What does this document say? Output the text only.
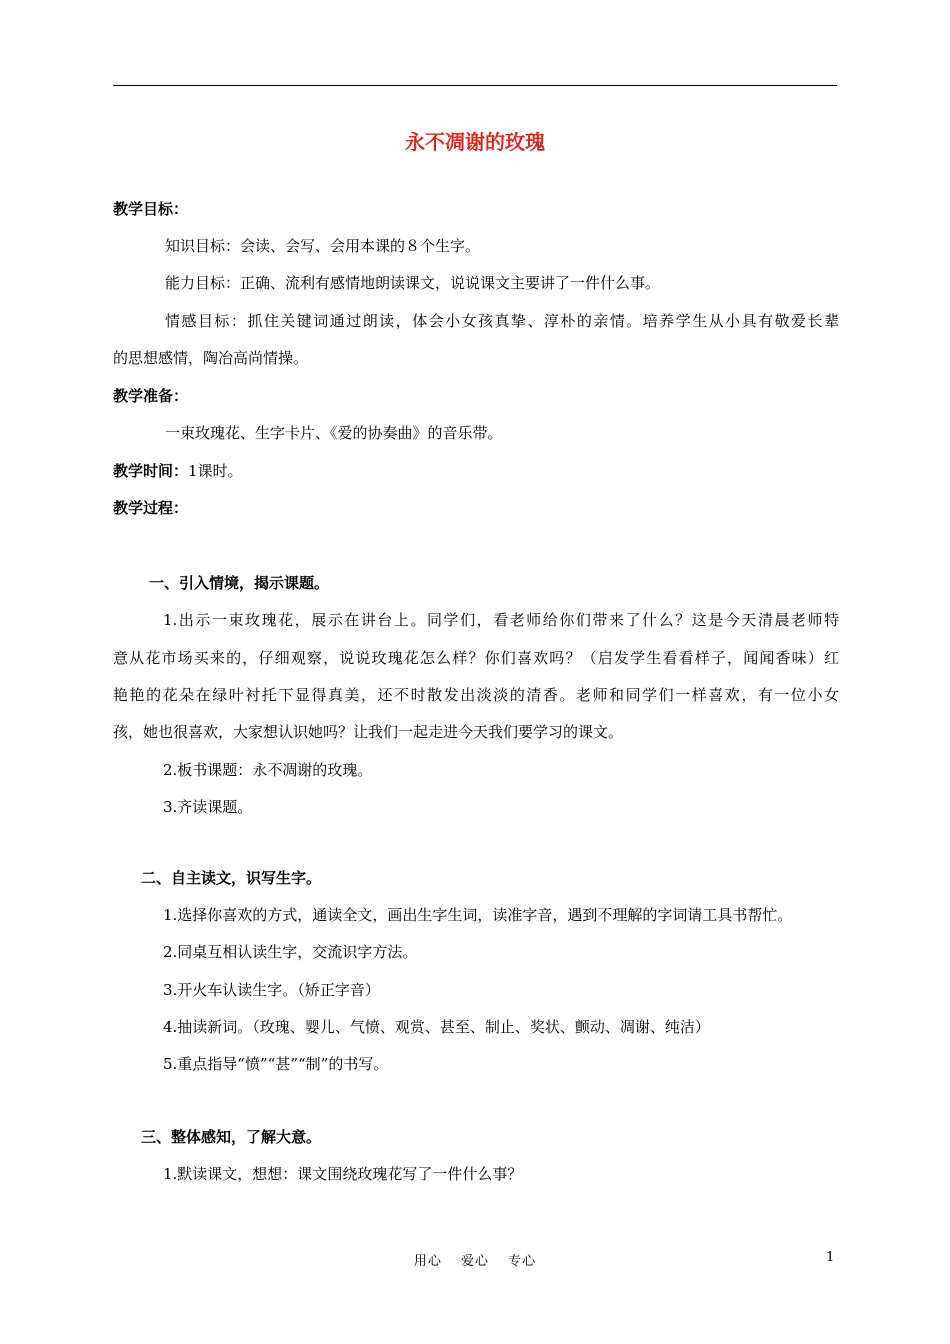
永不凋谢的玫瑰
教学目标：
知识目标：会读、会写、会用本课的８个生字。
能力目标：正确、流利有感情地朗读课文，说说课文主要讲了一件什么事。
情感目标：抓住关键词通过朗读，体会小女孩真挚、淳朴的亲情。培养学生从小具有敬爱长辈
的思想感情，陶冶高尚情操。
教学准备：
一束玫瑰花、生字卡片、《爱的协奏曲》的音乐带。
教学时间：1课时。
教学过程：
一、引入情境，揭示课题。
1.出示一束玫瑰花，展示在讲台上。同学们，看老师给你们带来了什么？这是今天清晨老师特
意从花市场买来的，仔细观察，说说玫瑰花怎么样？你们喜欢吗？（启发学生看看样子，闻闻香味）红
艳艳的花朵在绿叶衬托下显得真美，还不时散发出淡淡的清香。老师和同学们一样喜欢，有一位小女
孩，她也很喜欢，大家想认识她吗？让我们一起走进今天我们要学习的课文。
2.板书课题：永不凋谢的玫瑰。
3.齐读课题。
二、自主读文，识写生字。
1.选择你喜欢的方式，通读全文，画出生字生词，读准字音，遇到不理解的字词请工具书帮忙。
2.同桌互相认读生字，交流识字方法。
3.开火车认读生字。（矫正字音）
4.抽读新词。（玫瑰、婴儿、气愤、观赏、甚至、制止、奖状、颤动、凋谢、纯洁）
5.重点指导“愤”“甚”“制”的书写。
三、整体感知，了解大意。
1.默读课文，想想：课文围绕玫瑰花写了一件什么事？
用心　 爱心　 专心	1
